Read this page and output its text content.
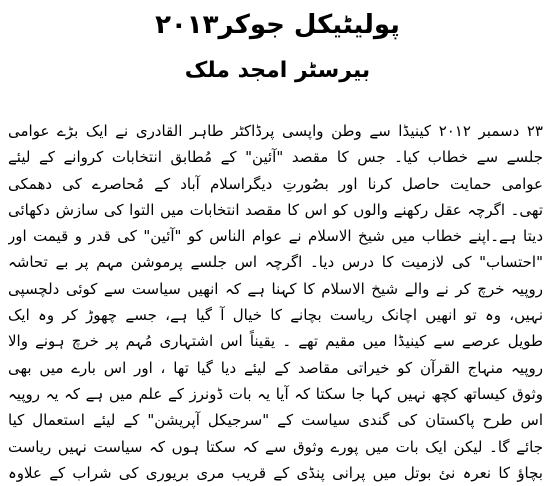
پولیٹیکل جوکر۲۰۱۳
بیرسٹر امجد ملک
۲۳ دسمبر ۲۰۱۲ کینیڈا سے وطن واپسی پرڈاکٹر طاہر القادری نے ایک بڑے عوامی
جلسے سے خطاب کیا۔ جس کا مقصد "آئین" کے مُطابق انتخابات کروانے کے لیئے
عوامی حمایت حاصل کرنا اور بصُورتِ دیگراسلام آباد کے مُحاصرے کی دھمکی
تھی۔ اگرچہ عقل رکھنے والوں کو اس کا مقصد انتخابات میں التوا کی سازش دکھائی
دیتا ہے۔اپنے خطاب میں شیخ الاسلام نے عوام الناس کو "آئین" کی قدر و قیمت اور
"احتساب" کی لازمیت کا درس دیا۔ اگرچہ اس جلسے پرموشن مہم پر بے تحاشہ
روپیہ خرچ کر نے والے شیخ الاسلام کا کہنا ہے کہ انھیں سیاست سے کوئی دلچسپی
نہیں، وہ تو انھیں اچانک ریاست بچانے کا خیال آ گیا ہے، جسے چھوڑ کر وہ ایک
طویل عرصے سے کینیڈا میں مقیم تھے ۔ یقیناً اس اشتہاری مُہم پر خرچ ہونے والا
روپیہ منہاج القرآن کو خیراتی مقاصد کے لیئے دیا گیا تھا ، اور اس بارے میں بھی
وثوق کیساتھ کچھ نہیں کہا جا سکتا کہ آیا یہ بات ڈونرز کے علم میں ہے کہ یہ روپیہ
اس طرح پاکستان کی گندی سیاست کے "سرجیکل آپریشن" کے لیئے استعمال کیا
جائے گا۔ لیکن ایک بات میں پورے وثوق سے کہ سکتا ہوں کہ سیاست نہیں ریاست
بچاؤ کا نعرہ نئ بوتل میں پرانی پنڈی کے قریب مری بریوری کی شراب کے علاوہ
